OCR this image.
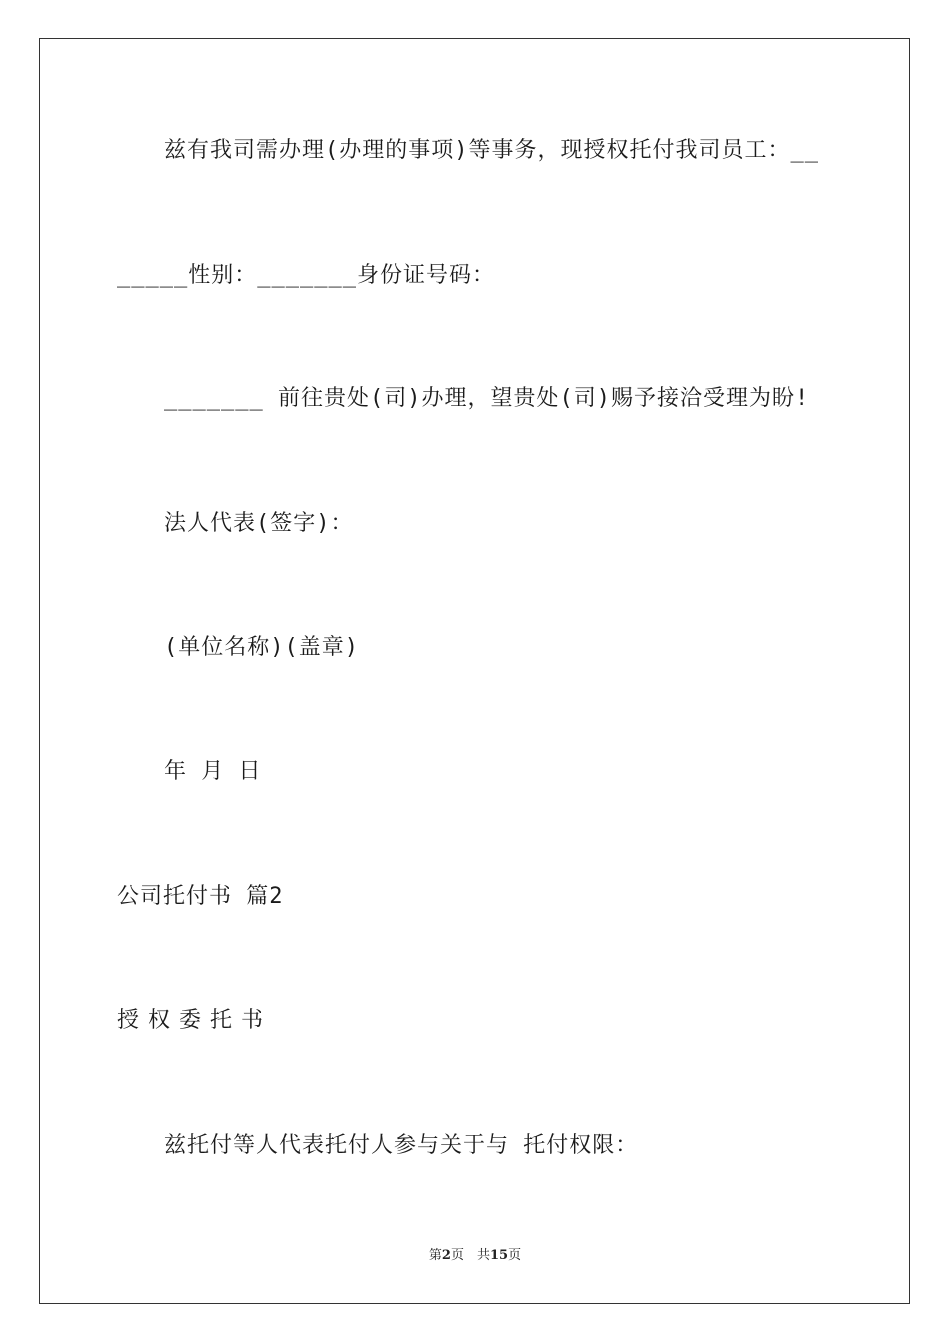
兹有我司需办理(办理的事项)等事务，现授权托付我司员工：__
_____性别：_______身份证号码：
_______ 前往贵处(司)办理，望贵处(司)赐予接洽受理为盼!
法人代表(签字)：
(单位名称)(盖章)
年 月 日
公司托付书 篇2
授权委托书
兹托付等人代表托付人参与关于与 托付权限：
第2页　共15页
